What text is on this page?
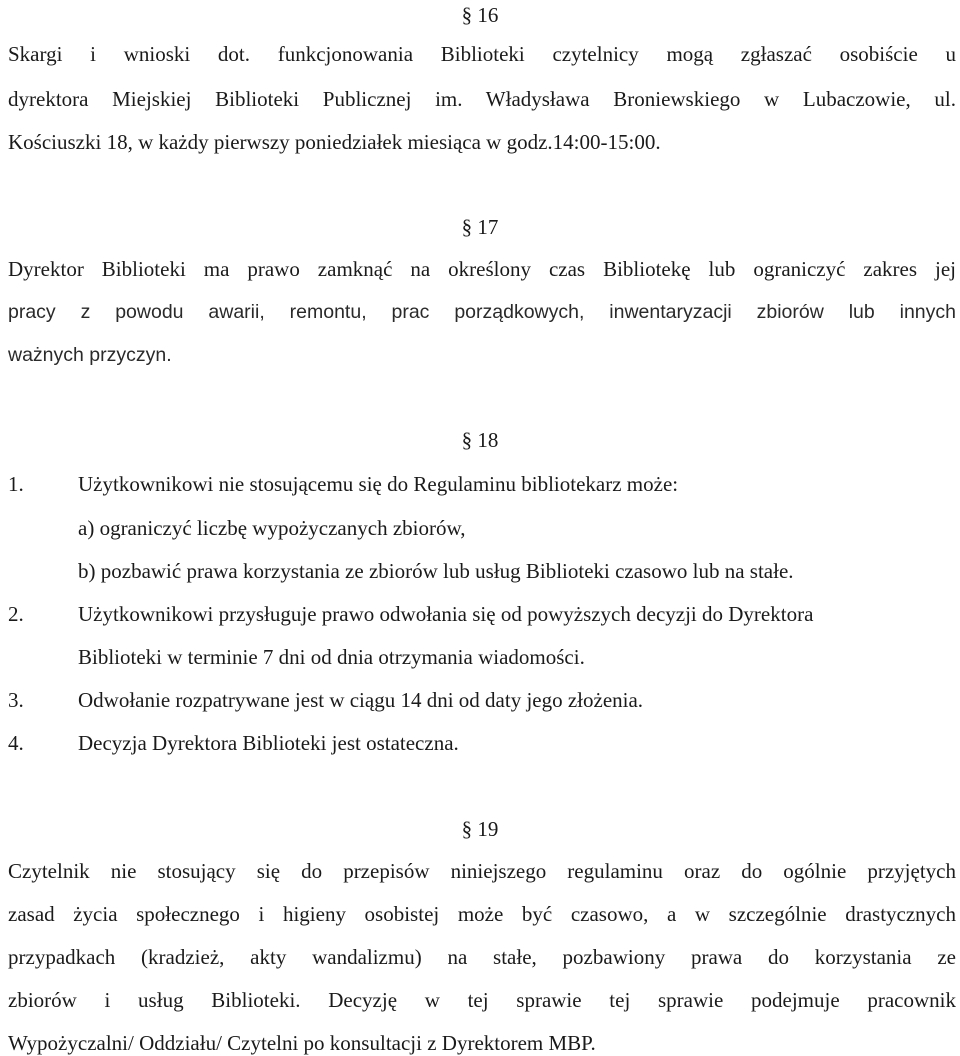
§ 16
Skargi i wnioski dot. funkcjonowania Biblioteki czytelnicy mogą zgłaszać osobiście u
dyrektora Miejskiej Biblioteki Publicznej im. Władysława Broniewskiego w Lubaczowie, ul.
Kościuszki 18, w każdy pierwszy poniedziałek miesiąca w godz.14:00-15:00.
§ 17
Dyrektor Biblioteki ma prawo zamknąć na określony czas Bibliotekę lub ograniczyć zakres jej
pracy z powodu awarii, remontu, prac porządkowych, inwentaryzacji zbiorów lub innych
ważnych przyczyn.
§ 18
1.	Użytkownikowi nie stosującemu się do Regulaminu bibliotekarz może:
a) ograniczyć liczbę wypożyczanych zbiorów,
b) pozbawić prawa korzystania ze zbiorów lub usług Biblioteki czasowo lub na stałe.
2.	Użytkownikowi przysługuje prawo odwołania się od powyższych decyzji do Dyrektora
Biblioteki w terminie 7 dni od dnia otrzymania wiadomości.
3.	Odwołanie rozpatrywane jest w ciągu 14 dni od daty jego złożenia.
4.	Decyzja Dyrektora Biblioteki jest ostateczna.
§ 19
Czytelnik nie stosujący się do przepisów niniejszego regulaminu oraz do ogólnie przyjętych
zasad życia społecznego i higieny osobistej może być czasowo, a w szczególnie drastycznych
przypadkach (kradzież, akty wandalizmu) na stałe, pozbawiony prawa do korzystania ze
zbiorów i usług Biblioteki. Decyzję w tej sprawie tej sprawie podejmuje pracownik
Wypożyczalni/ Oddziału/ Czytelni po konsultacji z Dyrektorem MBP.
